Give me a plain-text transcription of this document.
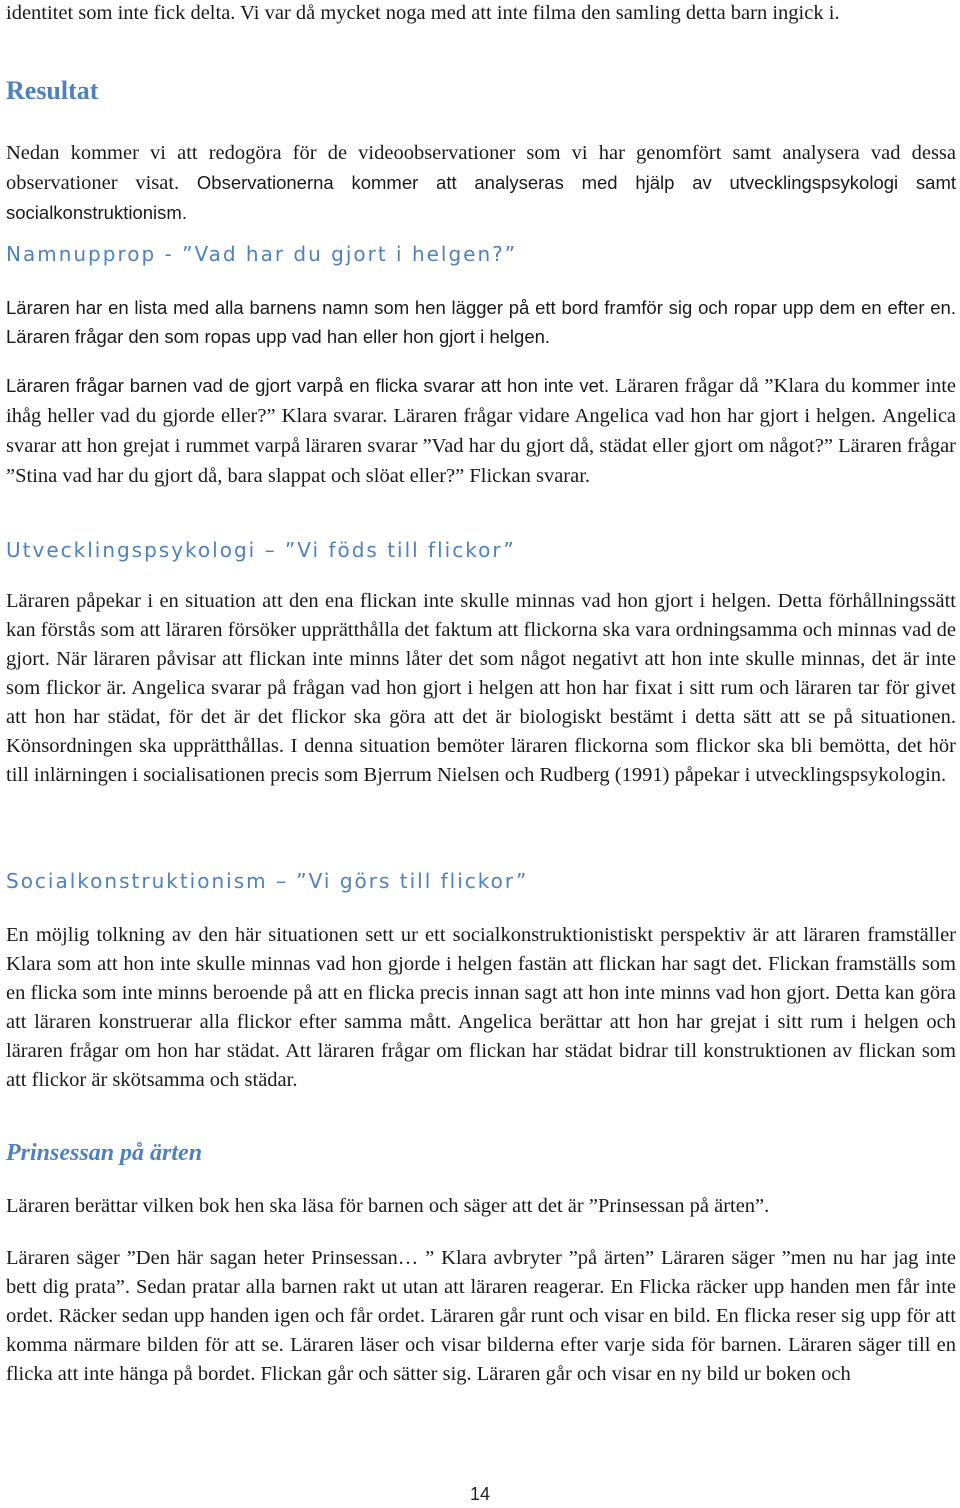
identitet som inte fick delta. Vi var då mycket noga med att inte filma den samling detta barn ingick i.

Resultat

Nedan kommer vi att redogöra för de videoobservationer som vi har genomfört samt analysera vad dessa observationer visat. Observationerna kommer att analyseras med hjälp av utvecklingspsykologi samt socialkonstruktionism.

Namnupprop - ”Vad har du gjort i helgen?”

Läraren har en lista med alla barnens namn som hen lägger på ett bord framför sig och ropar upp dem en efter en. Läraren frågar den som ropas upp vad han eller hon gjort i helgen.

Läraren frågar barnen vad de gjort varpå en flicka svarar att hon inte vet. Läraren frågar då ”Klara du kommer inte ihåg heller vad du gjorde eller?” Klara svarar. Läraren frågar vidare Angelica vad hon har gjort i helgen. Angelica svarar att hon grejat i rummet varpå läraren svarar ”Vad har du gjort då, städat eller gjort om något?” Läraren frågar ”Stina vad har du gjort då, bara slappat och slöat eller?” Flickan svarar.

Utvecklingspsykologi – ”Vi föds till flickor”

Läraren påpekar i en situation att den ena flickan inte skulle minnas vad hon gjort i helgen. Detta förhållningssätt kan förstås som att läraren försöker upprätthålla det faktum att flickorna ska vara ordningsamma och minnas vad de gjort. När läraren påvisar att flickan inte minns låter det som något negativt att hon inte skulle minnas, det är inte som flickor är. Angelica svarar på frågan vad hon gjort i helgen att hon har fixat i sitt rum och läraren tar för givet att hon har städat, för det är det flickor ska göra att det är biologiskt bestämt i detta sätt att se på situationen. Könsordningen ska upprätthållas. I denna situation bemöter läraren flickorna som flickor ska bli bemötta, det hör till inlärningen i socialisationen precis som Bjerrum Nielsen och Rudberg (1991) påpekar i utvecklingspsykologin.

Socialkonstruktionism – ”Vi görs till flickor”

En möjlig tolkning av den här situationen sett ur ett socialkonstruktionistiskt perspektiv är att läraren framställer Klara som att hon inte skulle minnas vad hon gjorde i helgen fastän att flickan har sagt det. Flickan framställs som en flicka som inte minns beroende på att en flicka precis innan sagt att hon inte minns vad hon gjort. Detta kan göra att läraren konstruerar alla flickor efter samma mått. Angelica berättar att hon har grejat i sitt rum i helgen och läraren frågar om hon har städat. Att läraren frågar om flickan har städat bidrar till konstruktionen av flickan som att flickor är skötsamma och städar.

Prinsessan på ärten

Läraren berättar vilken bok hen ska läsa för barnen och säger att det är ”Prinsessan på ärten”.

Läraren säger ”Den här sagan heter Prinsessan… ” Klara avbryter ”på ärten” Läraren säger ”men nu har jag inte bett dig prata”. Sedan pratar alla barnen rakt ut utan att läraren reagerar. En Flicka räcker upp handen men får inte ordet. Räcker sedan upp handen igen och får ordet. Läraren går runt och visar en bild. En flicka reser sig upp för att komma närmare bilden för att se. Läraren läser och visar bilderna efter varje sida för barnen. Läraren säger till en flicka att inte hänga på bordet. Flickan går och sätter sig. Läraren går och visar en ny bild ur boken och

14
